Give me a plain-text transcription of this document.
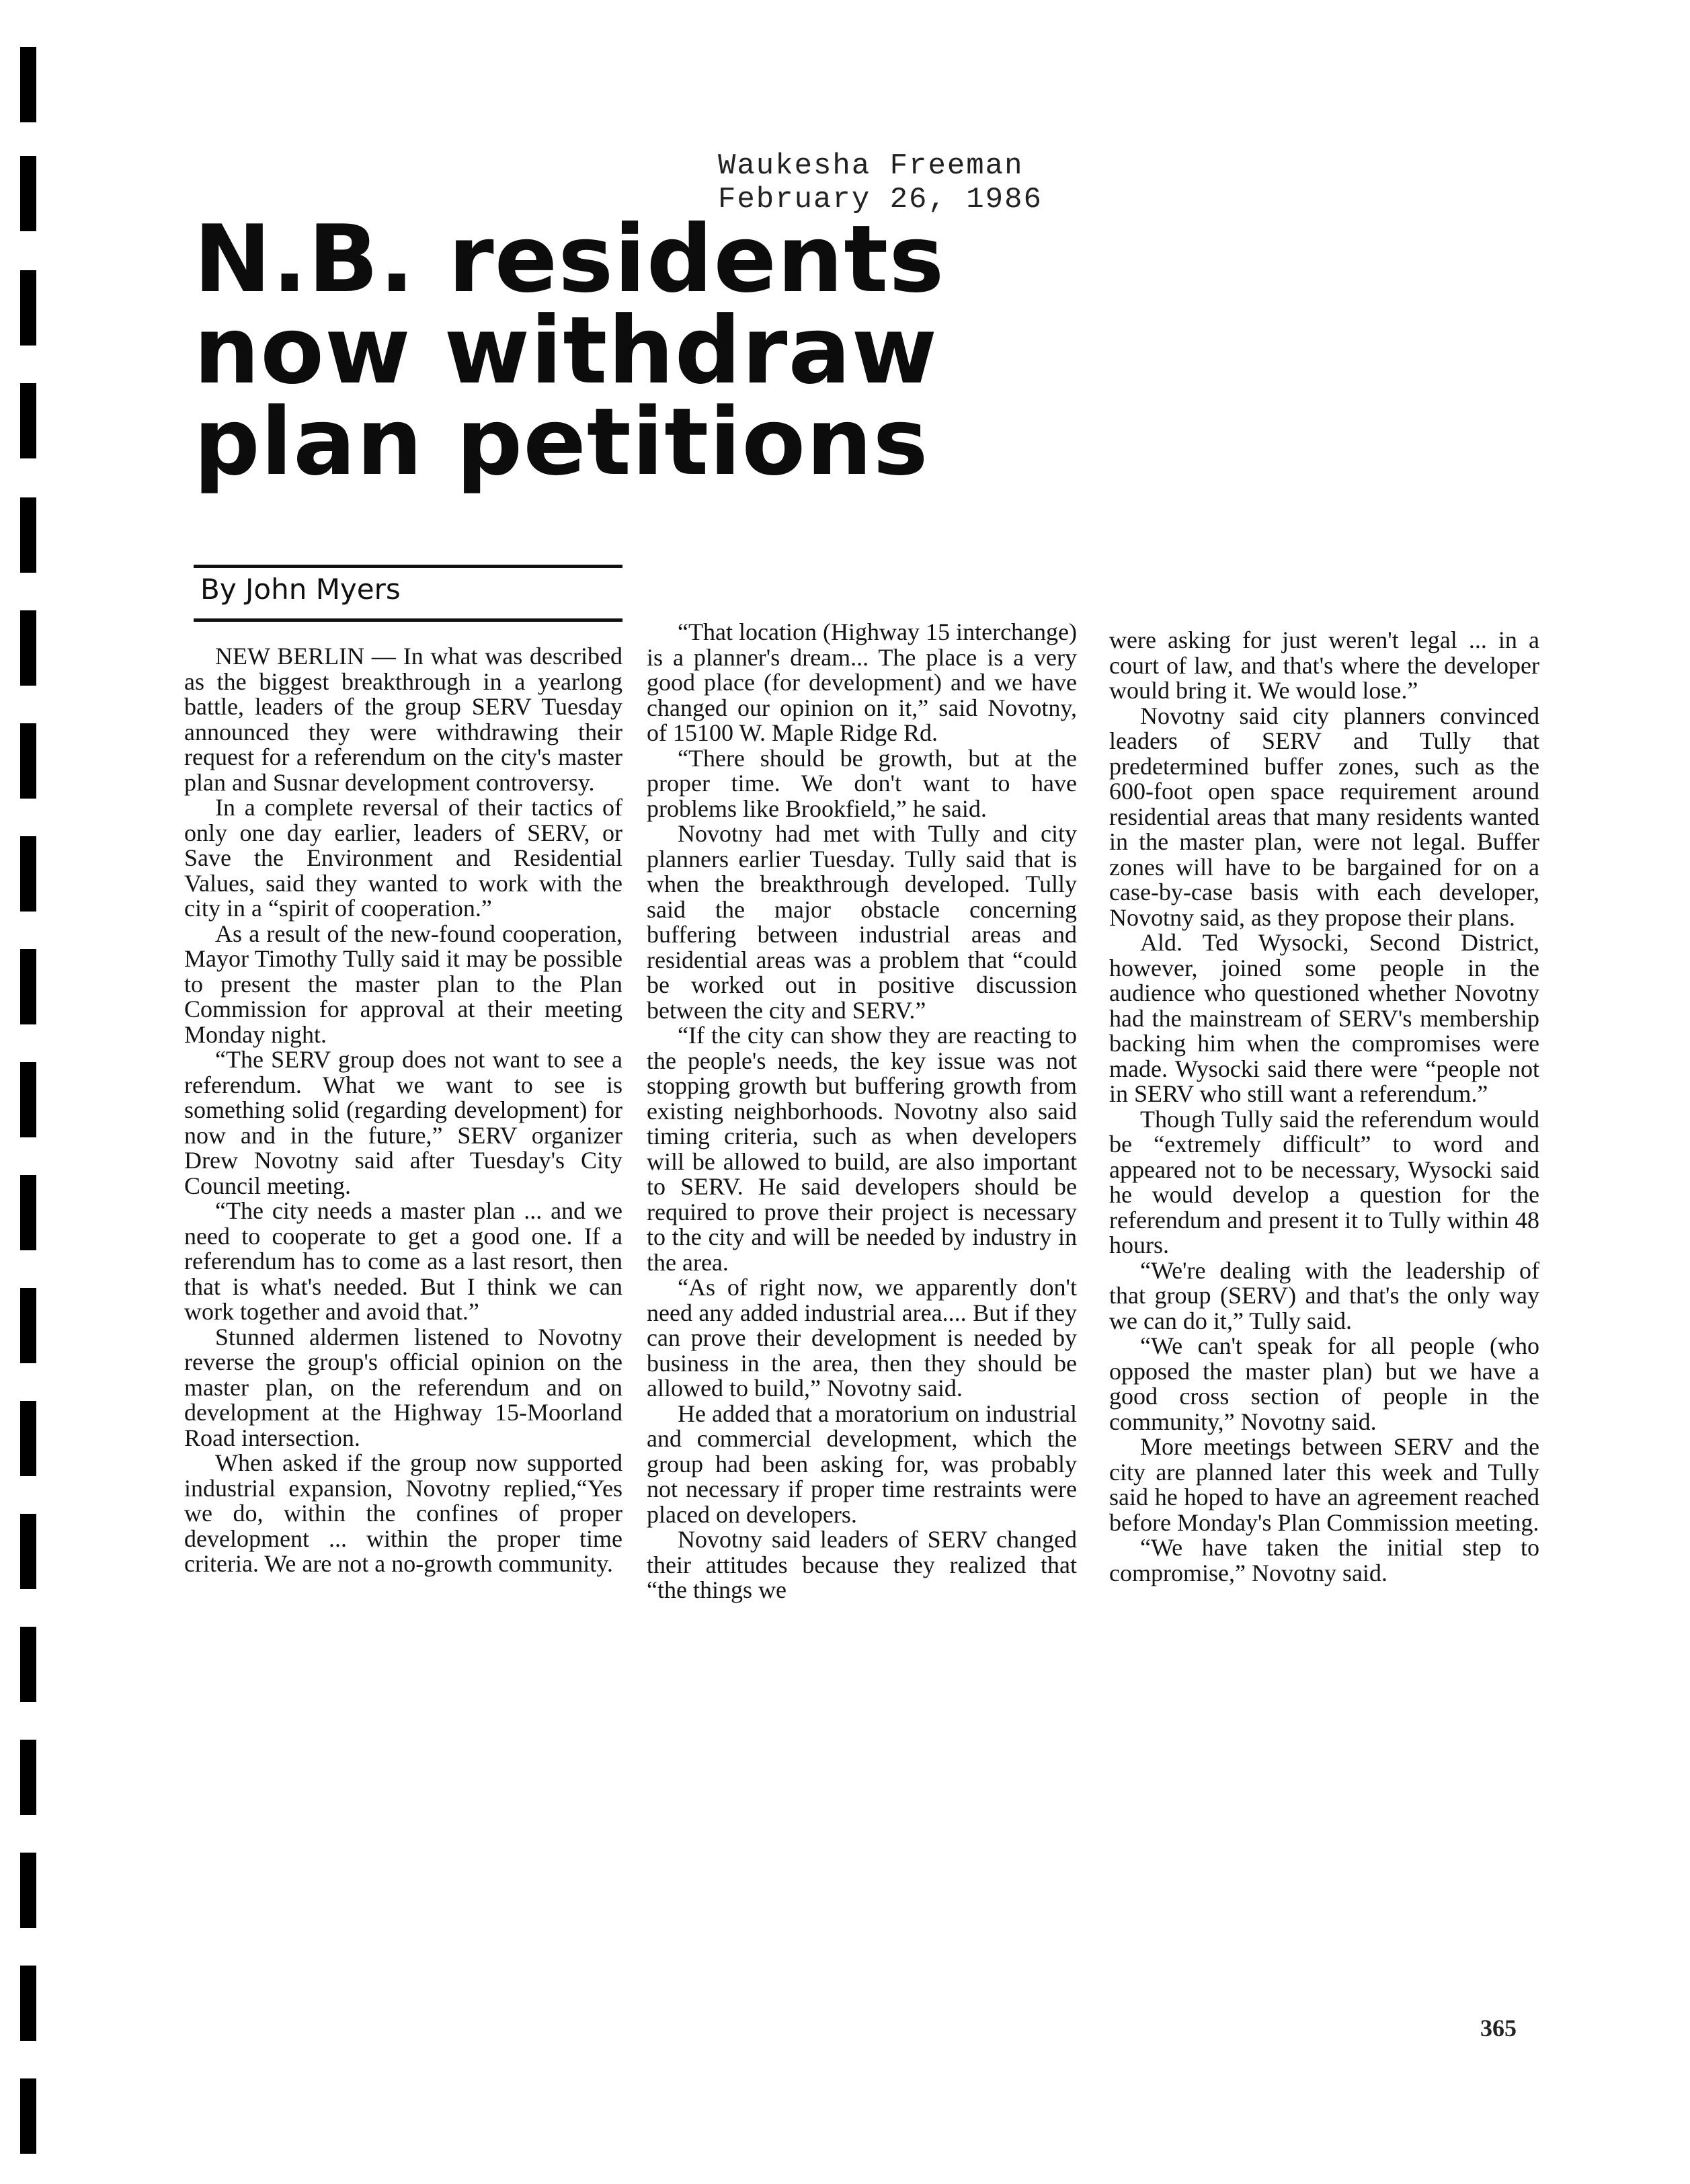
Waukesha Freeman
February 26, 1986
N.B. residents
now withdraw
plan petitions
By John Myers

NEW BERLIN — In what was described as the biggest breakthrough in a yearlong battle, leaders of the group SERV Tuesday announced they were withdrawing their request for a referendum on the city's master plan and Susnar development controversy.

In a complete reversal of their tactics of only one day earlier, leaders of SERV, or Save the Environment and Residential Values, said they wanted to work with the city in a “spirit of cooperation.”

As a result of the new-found cooperation, Mayor Timothy Tully said it may be possible to present the master plan to the Plan Commission for approval at their meeting Monday night.

“The SERV group does not want to see a referendum. What we want to see is something solid (regarding development) for now and in the future,” SERV organizer Drew Novotny said after Tuesday's City Council meeting.

“The city needs a master plan ... and we need to cooperate to get a good one. If a referendum has to come as a last resort, then that is what's needed. But I think we can work together and avoid that.”

Stunned aldermen listened to Novotny reverse the group's official opinion on the master plan, on the referendum and on development at the Highway 15-Moorland Road intersection.

When asked if the group now supported industrial expansion, Novotny replied,“Yes we do, within the confines of proper development ... within the proper time criteria. We are not a no-growth community.

“That location (Highway 15 interchange) is a planner's dream... The place is a very good place (for development) and we have changed our opinion on it,” said Novotny, of 15100 W. Maple Ridge Rd.

“There should be growth, but at the proper time. We don't want to have problems like Brookfield,” he said.

Novotny had met with Tully and city planners earlier Tuesday. Tully said that is when the breakthrough developed. Tully said the major obstacle concerning buffering between industrial areas and residential areas was a problem that “could be worked out in positive discussion between the city and SERV.”

“If the city can show they are reacting to the people's needs, the key issue was not stopping growth but buffering growth from existing neighborhoods. Novotny also said timing criteria, such as when developers will be allowed to build, are also important to SERV. He said developers should be required to prove their project is necessary to the city and will be needed by industry in the area.

“As of right now, we apparently don't need any added industrial area.... But if they can prove their development is needed by business in the area, then they should be allowed to build,” Novotny said.

He added that a moratorium on industrial and commercial development, which the group had been asking for, was probably not necessary if proper time restraints were placed on developers.

Novotny said leaders of SERV changed their attitudes because they realized that “the things we

were asking for just weren't legal ... in a court of law, and that's where the developer would bring it. We would lose.”

Novotny said city planners convinced leaders of SERV and Tully that predetermined buffer zones, such as the 600-foot open space requirement around residential areas that many residents wanted in the master plan, were not legal. Buffer zones will have to be bargained for on a case-by-case basis with each developer, Novotny said, as they propose their plans.

Ald. Ted Wysocki, Second District, however, joined some people in the audience who questioned whether Novotny had the mainstream of SERV's membership backing him when the compromises were made. Wysocki said there were “people not in SERV who still want a referendum.”

Though Tully said the referendum would be “extremely difficult” to word and appeared not to be necessary, Wysocki said he would develop a question for the referendum and present it to Tully within 48 hours.

“We're dealing with the leadership of that group (SERV) and that's the only way we can do it,” Tully said.

“We can't speak for all people (who opposed the master plan) but we have a good cross section of people in the community,” Novotny said.

More meetings between SERV and the city are planned later this week and Tully said he hoped to have an agreement reached before Monday's Plan Commission meeting.

“We have taken the initial step to compromise,” Novotny said.

365
